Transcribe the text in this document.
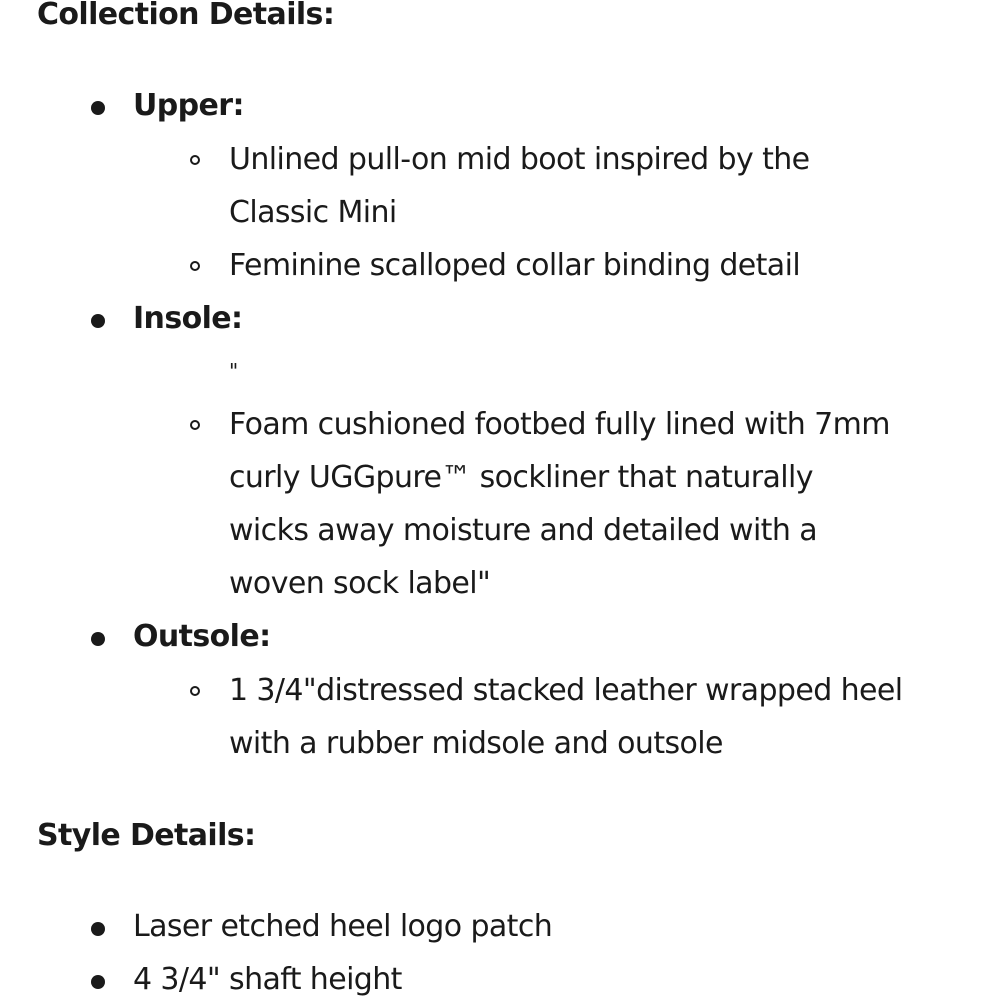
Collection Details:
Upper:
Unlined pull-on mid boot inspired by the
Classic Mini
Feminine scalloped collar binding detail
Insole:
"
Foam cushioned footbed fully lined with 7mm
curly UGGpure™ sockliner that naturally
wicks away moisture and detailed with a
woven sock label"
Outsole:
1 3/4"distressed stacked leather wrapped heel
with a rubber midsole and outsole
Style Details:
Laser etched heel logo patch
4 3/4" shaft height
